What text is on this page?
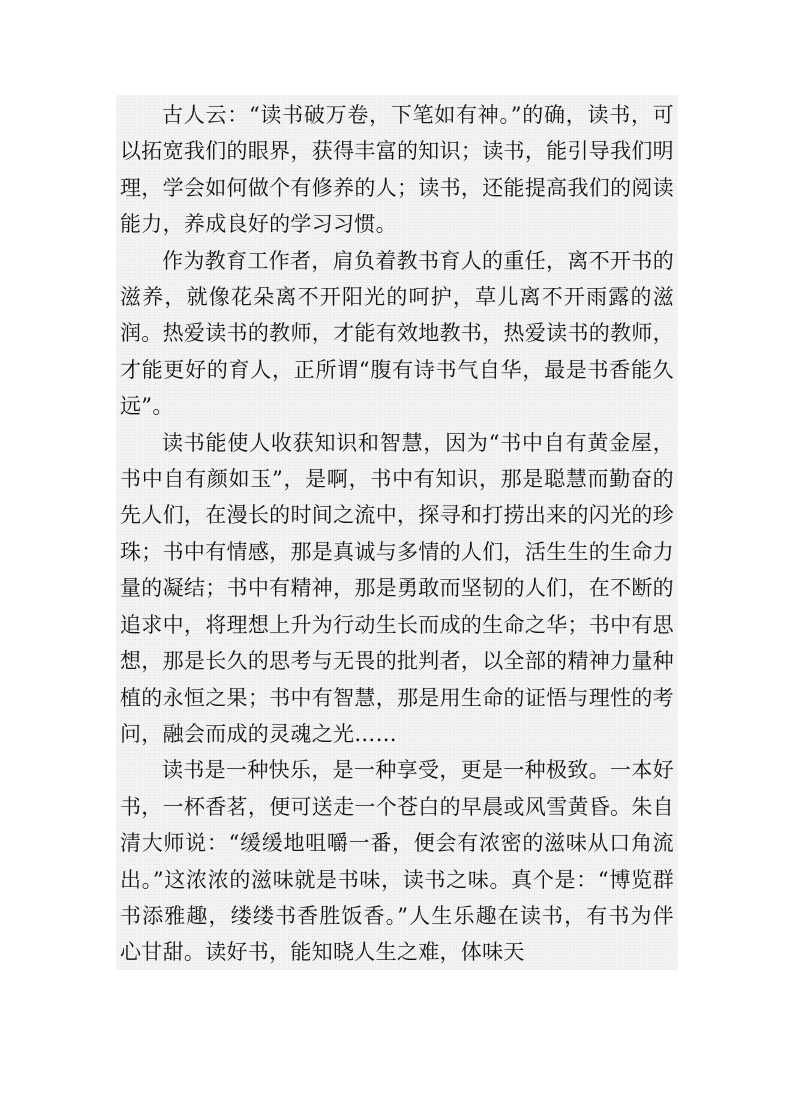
古人云：“读书破万卷，下笔如有神。”的确，读书，可以拓宽我们的眼界，获得丰富的知识；读书，能引导我们明理，学会如何做个有修养的人；读书，还能提高我们的阅读能力，养成良好的学习习惯。

作为教育工作者，肩负着教书育人的重任，离不开书的滋养，就像花朵离不开阳光的呵护，草儿离不开雨露的滋润。热爱读书的教师，才能有效地教书，热爱读书的教师，才能更好的育人，正所谓“腹有诗书气自华，最是书香能久远”。

读书能使人收获知识和智慧，因为“书中自有黄金屋，书中自有颜如玉”，是啊，书中有知识，那是聪慧而勤奋的先人们，在漫长的时间之流中，探寻和打捞出来的闪光的珍珠；书中有情感，那是真诚与多情的人们，活生生的生命力量的凝结；书中有精神，那是勇敢而坚韧的人们，在不断的追求中，将理想上升为行动生长而成的生命之华；书中有思想，那是长久的思考与无畏的批判者，以全部的精神力量种植的永恒之果；书中有智慧，那是用生命的证悟与理性的考问，融会而成的灵魂之光……

读书是一种快乐，是一种享受，更是一种极致。一本好书，一杯香茗，便可送走一个苍白的早晨或风雪黄昏。朱自清大师说：“缓缓地咀嚼一番，便会有浓密的滋味从口角流出。”这浓浓的滋味就是书味，读书之味。真个是：“博览群书添雅趣，缕缕书香胜饭香。”人生乐趣在读书，有书为伴心甘甜。读好书，能知晓人生之难，体味天
